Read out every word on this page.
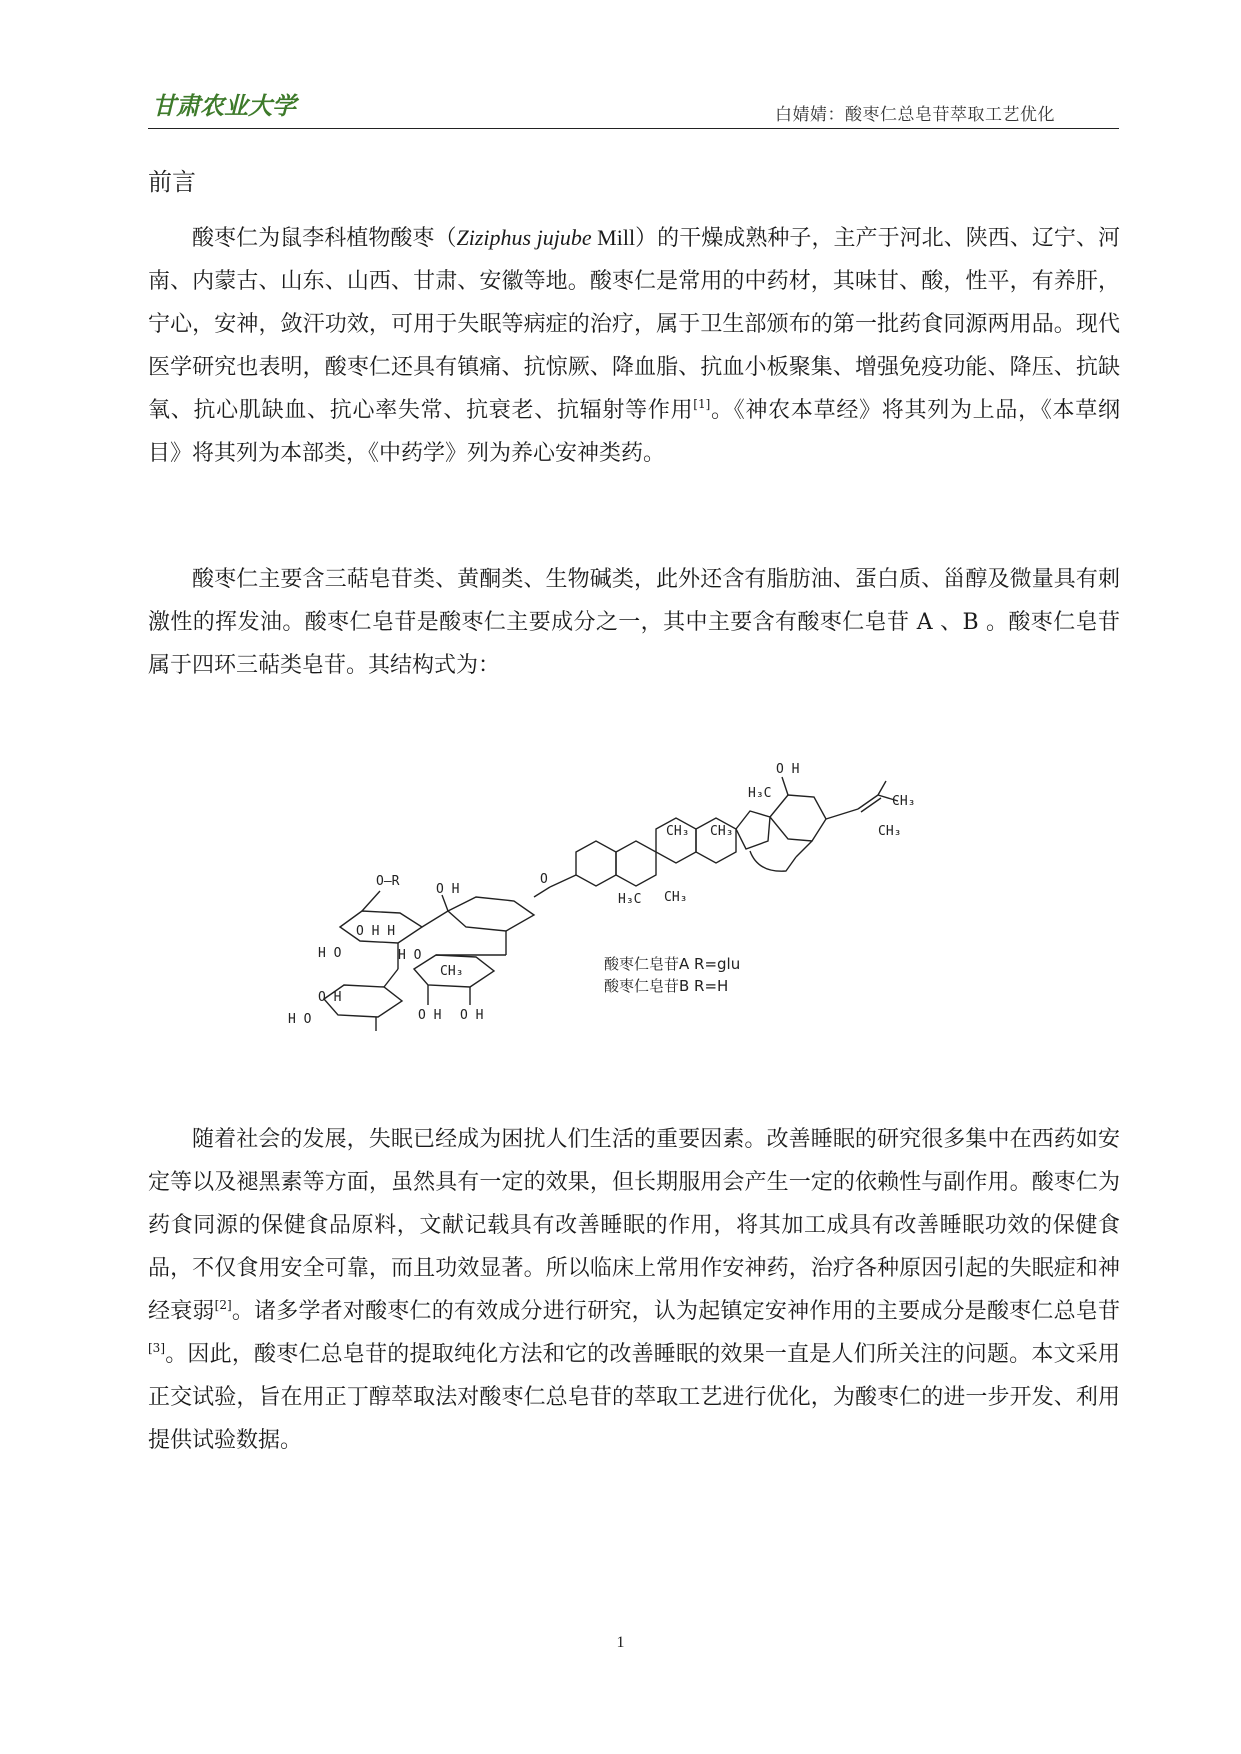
甘肃农业大学	白婧婧：酸枣仁总皂苷萃取工艺优化
前言

酸枣仁为鼠李科植物酸枣（Ziziphus jujube Mill）的干燥成熟种子，主产于河北、陕西、辽宁、河南、内蒙古、山东、山西、甘肃、安徽等地。酸枣仁是常用的中药材，其味甘、酸，性平，有养肝，宁心，安神，敛汗功效，可用于失眠等病症的治疗，属于卫生部颁布的第一批药食同源两用品。现代医学研究也表明，酸枣仁还具有镇痛、抗惊厥、降血脂、抗血小板聚集、增强免疫功能、降压、抗缺氧、抗心肌缺血、抗心率失常、抗衰老、抗辐射等作用[1]。《神农本草经》将其列为上品，《本草纲目》将其列为本部类，《中药学》列为养心安神类药。

酸枣仁主要含三萜皂苷类、黄酮类、生物碱类，此外还含有脂肪油、蛋白质、甾醇及微量具有刺激性的挥发油。酸枣仁皂苷是酸枣仁主要成分之一，其中主要含有酸枣仁皂苷 A 、B 。酸枣仁皂苷属于四环三萜类皂苷。其结构式为：

O H
H₃C
CH₃
CH₃
CH₃ CH₃
H₃C CH₃
O
O H
O—R
O H H
H O	H O
CH₃
O H
H O	O H O H
酸枣仁皂苷A R=glu
酸枣仁皂苷B R=H

随着社会的发展，失眠已经成为困扰人们生活的重要因素。改善睡眠的研究很多集中在西药如安定等以及褪黑素等方面，虽然具有一定的效果，但长期服用会产生一定的依赖性与副作用。酸枣仁为药食同源的保健食品原料，文献记载具有改善睡眠的作用，将其加工成具有改善睡眠功效的保健食品，不仅食用安全可靠，而且功效显著。所以临床上常用作安神药，治疗各种原因引起的失眠症和神经衰弱[2]。诸多学者对酸枣仁的有效成分进行研究，认为起镇定安神作用的主要成分是酸枣仁总皂苷[3]。因此，酸枣仁总皂苷的提取纯化方法和它的改善睡眠的效果一直是人们所关注的问题。本文采用正交试验，旨在用正丁醇萃取法对酸枣仁总皂苷的萃取工艺进行优化，为酸枣仁的进一步开发、利用提供试验数据。

1
